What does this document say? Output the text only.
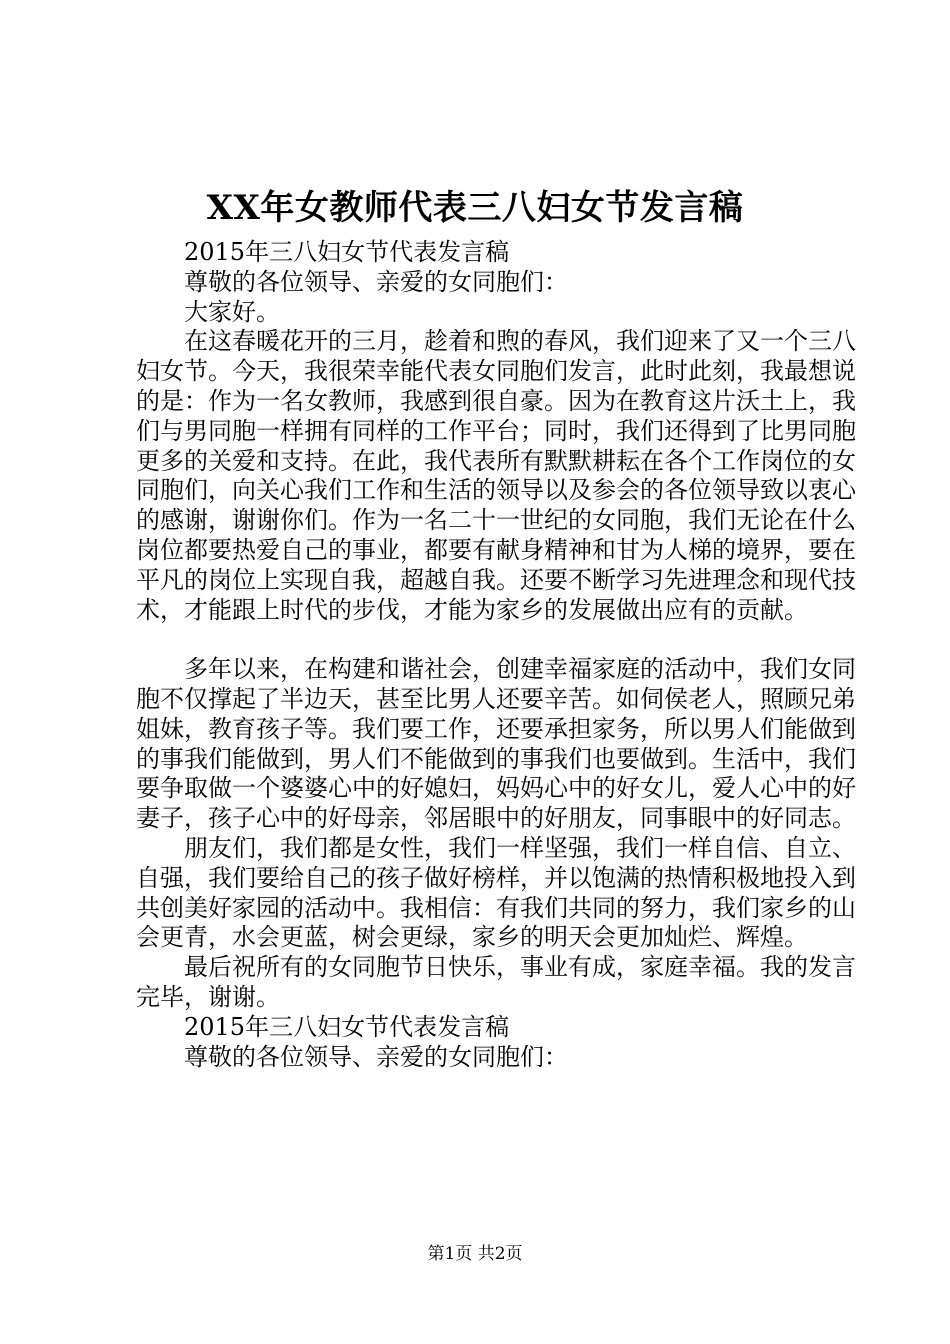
XX年女教师代表三八妇女节发言稿

2015年三八妇女节代表发言稿

尊敬的各位领导、亲爱的女同胞们：

大家好。

在这春暖花开的三月，趁着和煦的春风，我们迎来了又一个三八妇女节。今天，我很荣幸能代表女同胞们发言，此时此刻，我最想说的是：作为一名女教师，我感到很自豪。因为在教育这片沃土上，我们与男同胞一样拥有同样的工作平台；同时，我们还得到了比男同胞更多的关爱和支持。在此，我代表所有默默耕耘在各个工作岗位的女同胞们，向关心我们工作和生活的领导以及参会的各位领导致以衷心的感谢，谢谢你们。作为一名二十一世纪的女同胞，我们无论在什么岗位都要热爱自己的事业，都要有献身精神和甘为人梯的境界，要在平凡的岗位上实现自我，超越自我。还要不断学习先进理念和现代技术，才能跟上时代的步伐，才能为家乡的发展做出应有的贡献。

多年以来，在构建和谐社会，创建幸福家庭的活动中，我们女同胞不仅撑起了半边天，甚至比男人还要辛苦。如伺侯老人，照顾兄弟姐妹，教育孩子等。我们要工作，还要承担家务，所以男人们能做到的事我们能做到，男人们不能做到的事我们也要做到。生活中，我们要争取做一个婆婆心中的好媳妇，妈妈心中的好女儿，爱人心中的好妻子，孩子心中的好母亲，邻居眼中的好朋友，同事眼中的好同志。

朋友们，我们都是女性，我们一样坚强，我们一样自信、自立、自强，我们要给自己的孩子做好榜样，并以饱满的热情积极地投入到共创美好家园的活动中。我相信：有我们共同的努力，我们家乡的山会更青，水会更蓝，树会更绿，家乡的明天会更加灿烂、辉煌。

最后祝所有的女同胞节日快乐，事业有成，家庭幸福。我的发言完毕，谢谢。

2015年三八妇女节代表发言稿

尊敬的各位领导、亲爱的女同胞们：

第1页 共2页
